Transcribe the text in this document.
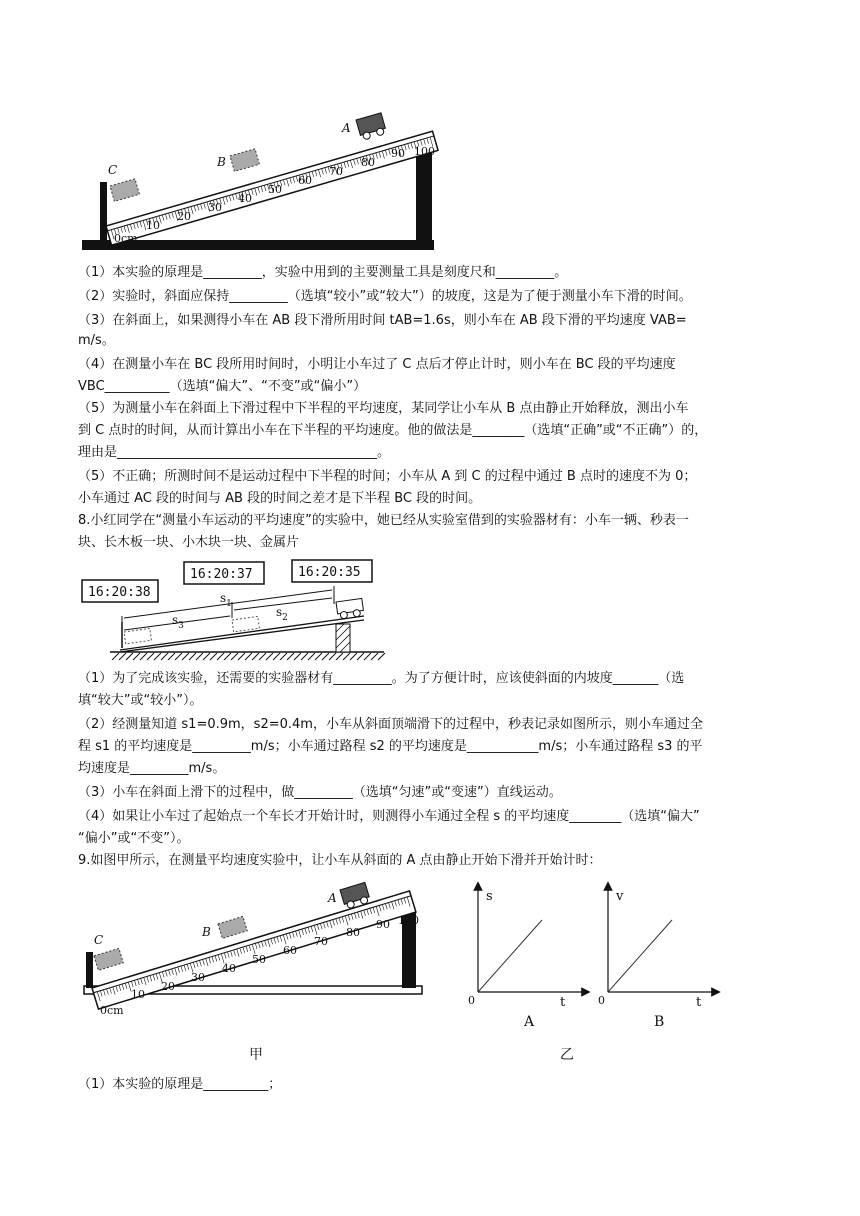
0cm
10
20
30
40
50
60
70
80
90 100
A
B
C

（1）本实验的原理是_________，实验中用到的主要测量工具是刻度尺和_________。

（2）实验时，斜面应保持_________（选填“较小”或“较大”）的坡度，这是为了便于测量小车下滑的时间。

（3）在斜面上，如果测得小车在 AB 段下滑所用时间 tAB=1.6s，则小车在 AB 段下滑的平均速度 VAB=

m/s。

（4）在测量小车在 BC 段所用时间时，小明让小车过了 C 点后才停止计时，则小车在 BC 段的平均速度

VBC__________（选填“偏大”、“不变”或“偏小”）

（5）为测量小车在斜面上下滑过程中下半程的平均速度，某同学让小车从 B 点由静止开始释放，测出小车

到 C 点时的时间，从而计算出小车在下半程的平均速度。他的做法是________（选填“正确”或“不正确”）的，

理由是________________________________________。

（5）不正确；所测时间不是运动过程中下半程的时间；小车从 A 到 C 的过程中通过 B 点时的速度不为 0；

小车通过 AC 段的时间与 AB 段的时间之差才是下半程 BC 段的时间。

8.小红同学在“测量小车运动的平均速度”的实验中，她已经从实验室借到的实验器材有：小车一辆、秒表一

块、长木板一块、小木块一块、金属片

16:20:38
16:20:37	16:20:35
$s_1$
$s_2$
$s_3$

（1）为了完成该实验，还需要的实验器材有_________。为了方便计时，应该使斜面的内坡度_______（选

填“较大”或“较小”）。

（2）经测量知道 s1=0.9m，s2=0.4m，小车从斜面顶端滑下的过程中，秒表记录如图所示，则小车通过全

程 s1 的平均速度是_________m/s；小车通过路程 s2 的平均速度是___________m/s；小车通过路程 s3 的平

均速度是_________m/s。

（3）小车在斜面上滑下的过程中，做_________（选填“匀速”或“变速”）直线运动。

（4）如果让小车过了起始点一个车长才开始计时，则测得小车通过全程 s 的平均速度________（选填“偏大”

“偏小”或“不变”）。

9.如图甲所示，在测量平均速度实验中，让小车从斜面的 A 点由静止开始下滑并开始计时：

0cm
10
20
30
40
50
60
70
80
90 100
A
B
C
s
t
0
A
v
t
0
B
甲	乙

（1）本实验的原理是__________；
